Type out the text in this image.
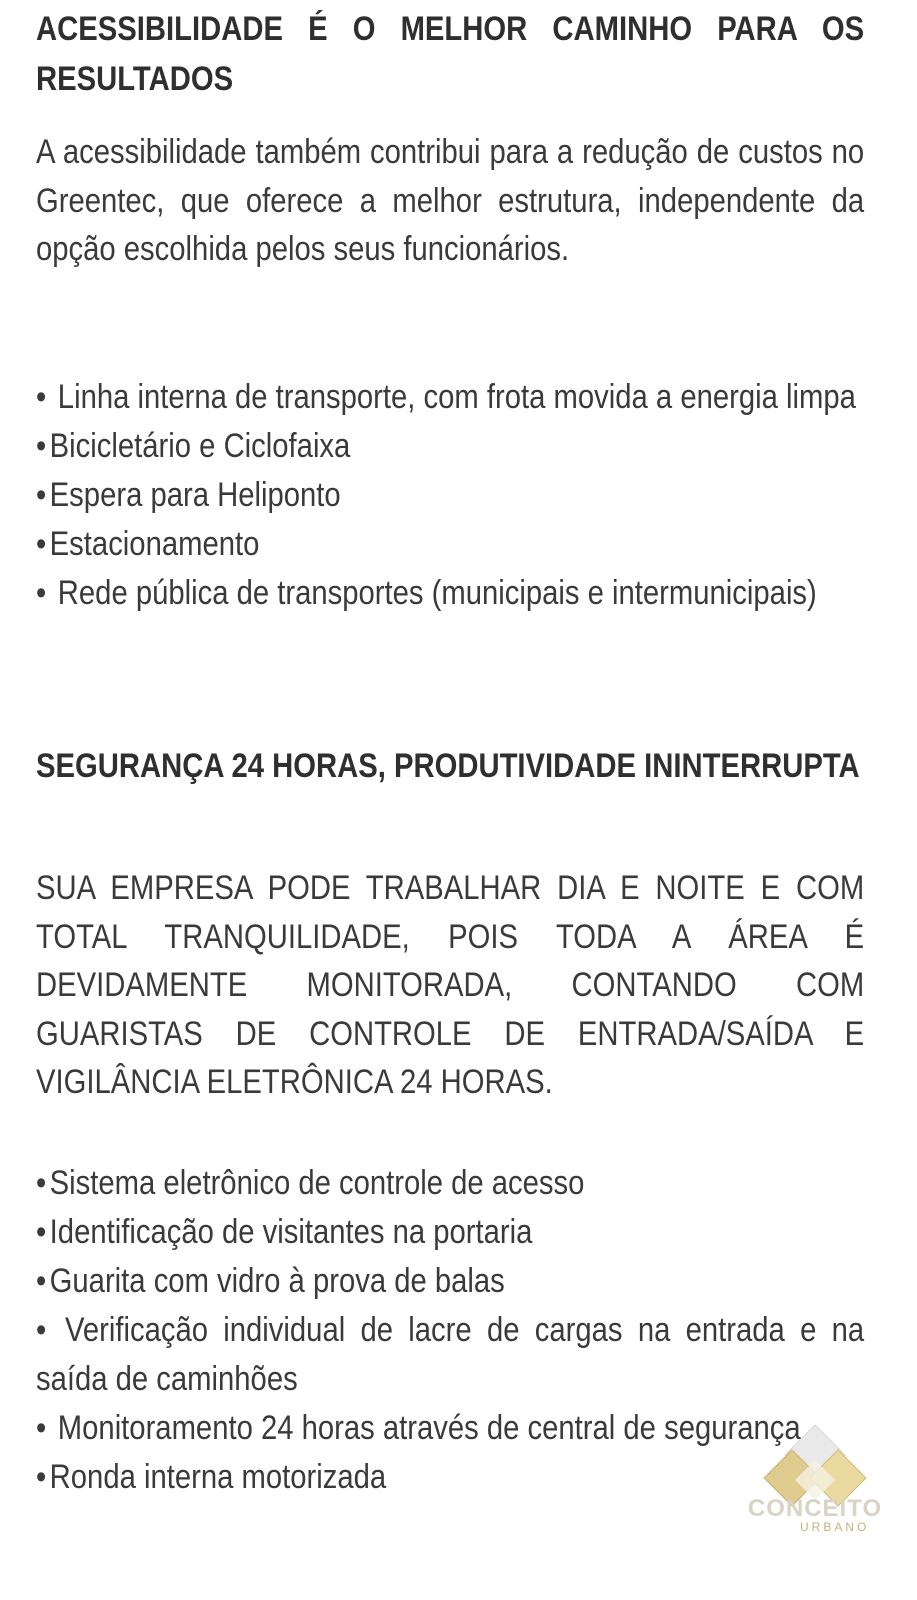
ACESSIBILIDADE É O MELHOR CAMINHO PARA OS RESULTADOS

A acessibilidade também contribui para a redução de custos no Greentec, que oferece a melhor estrutura, independente da opção escolhida pelos seus funcionários.

• Linha interna de transporte, com frota movida a energia limpa
• Bicicletário e Ciclofaixa
• Espera para Heliponto
• Estacionamento
• Rede pública de transportes (municipais e intermunicipais)
SEGURANÇA 24 HORAS, PRODUTIVIDADE ININTERRUPTA

SUA EMPRESA PODE TRABALHAR DIA E NOITE E COM TOTAL TRANQUILIDADE, POIS TODA A ÁREA É DEVIDAMENTE MONITORADA, CONTANDO COM GUARISTAS DE CONTROLE DE ENTRADA/SAÍDA E VIGILÂNCIA ELETRÔNICA 24 HORAS.

• Sistema eletrônico de controle de acesso
• Identificação de visitantes na portaria
• Guarita com vidro à prova de balas
• Verificação individual de lacre de cargas na entrada e na saída de caminhões
• Monitoramento 24 horas através de central de segurança
• Ronda interna motorizada
CONCEITO
URBANO
